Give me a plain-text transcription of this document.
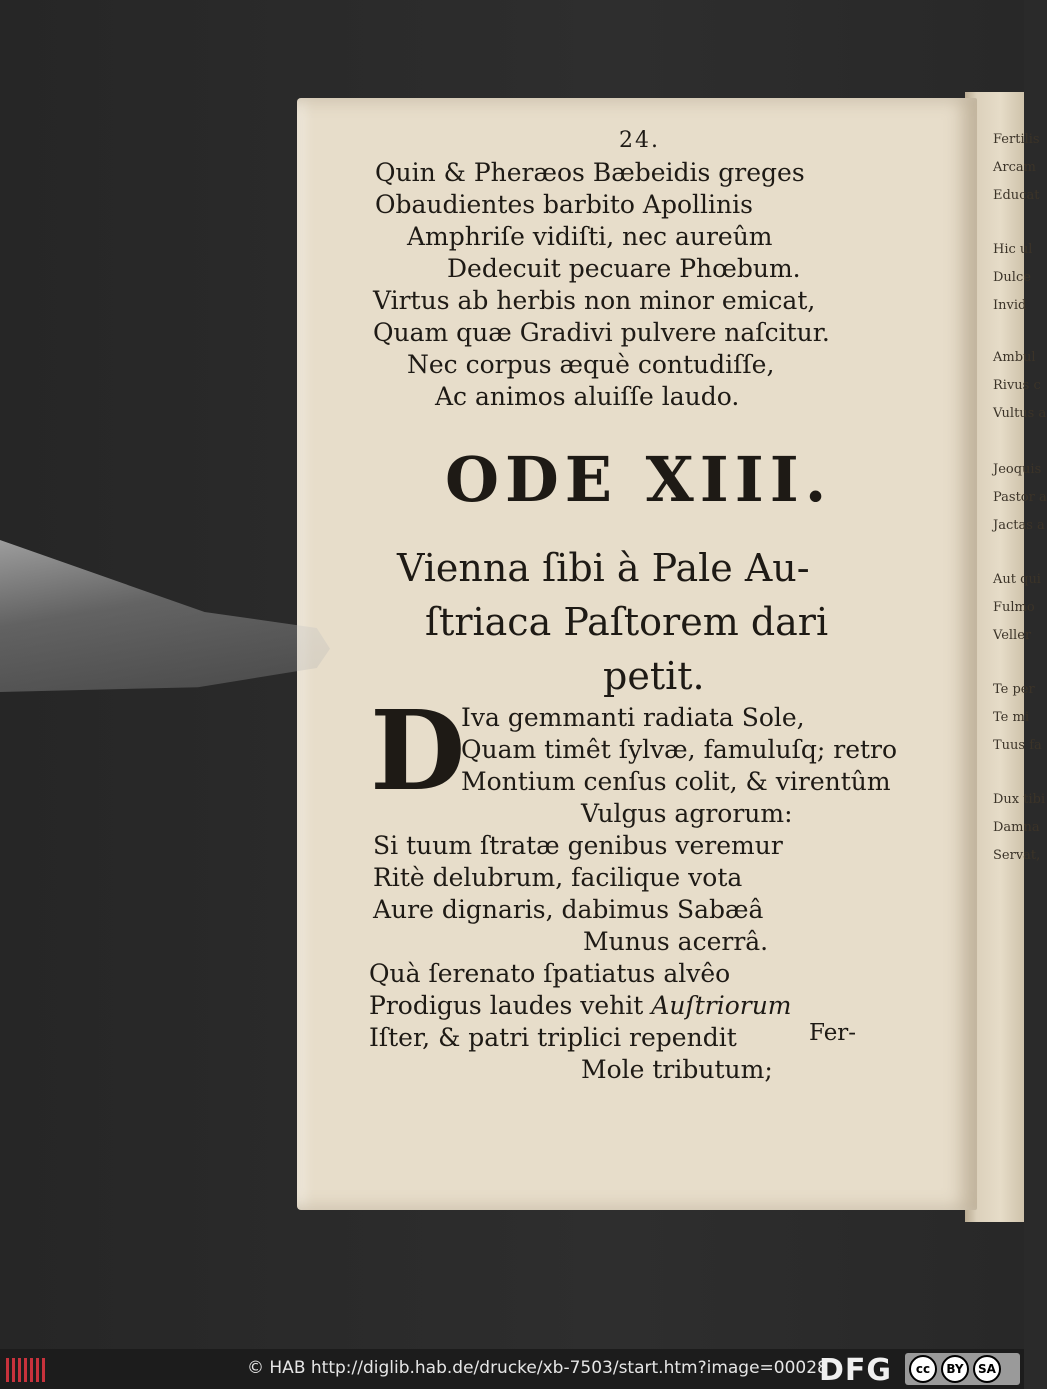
Fertilis
Arcam
Educat
Hic ul
Dulce
Invid
Ambul
Rivus c
Vultus a
Jeoquis
Pastor a
Jactas a
Aut qui
Fulmo
Veller
Te per
Te mi
Tuus fa
Dux tibi
Damna
Servat,
24.
Quin & Pheræos Bæbeidis greges
Obaudientes barbito Apollinis
Amphriſe vidiſti, nec aureûm
Dedecuit pecuare Phœbum.
Virtus ab herbis non minor emicat,
Quam quæ Gradivi pulvere naſcitur.
Nec corpus æquè contudiſſe,
Ac animos aluiſſe laudo.
ODE XIII.
Vienna ſibi à Pale Au-
ſtriaca Paſtorem dari
petit.
D
Iva gemmanti radiata Sole,
Quam timêt ſylvæ, famuluſq; retro
Montium cenſus colit, & virentûm
Vulgus agrorum:
Si tuum ſtratæ genibus veremur
Ritè delubrum, facilique vota
Aure dignaris, dabimus Sabæâ
Munus acerrâ.
Quà ſerenato ſpatiatus alvêo
Prodigus laudes vehit Auſtriorum
Iſter, & patri triplici rependit
Mole tributum;
Fer-
© HAB http://diglib.hab.de/drucke/xb-7503/start.htm?image=00028
DFG	cc	BY	SA
